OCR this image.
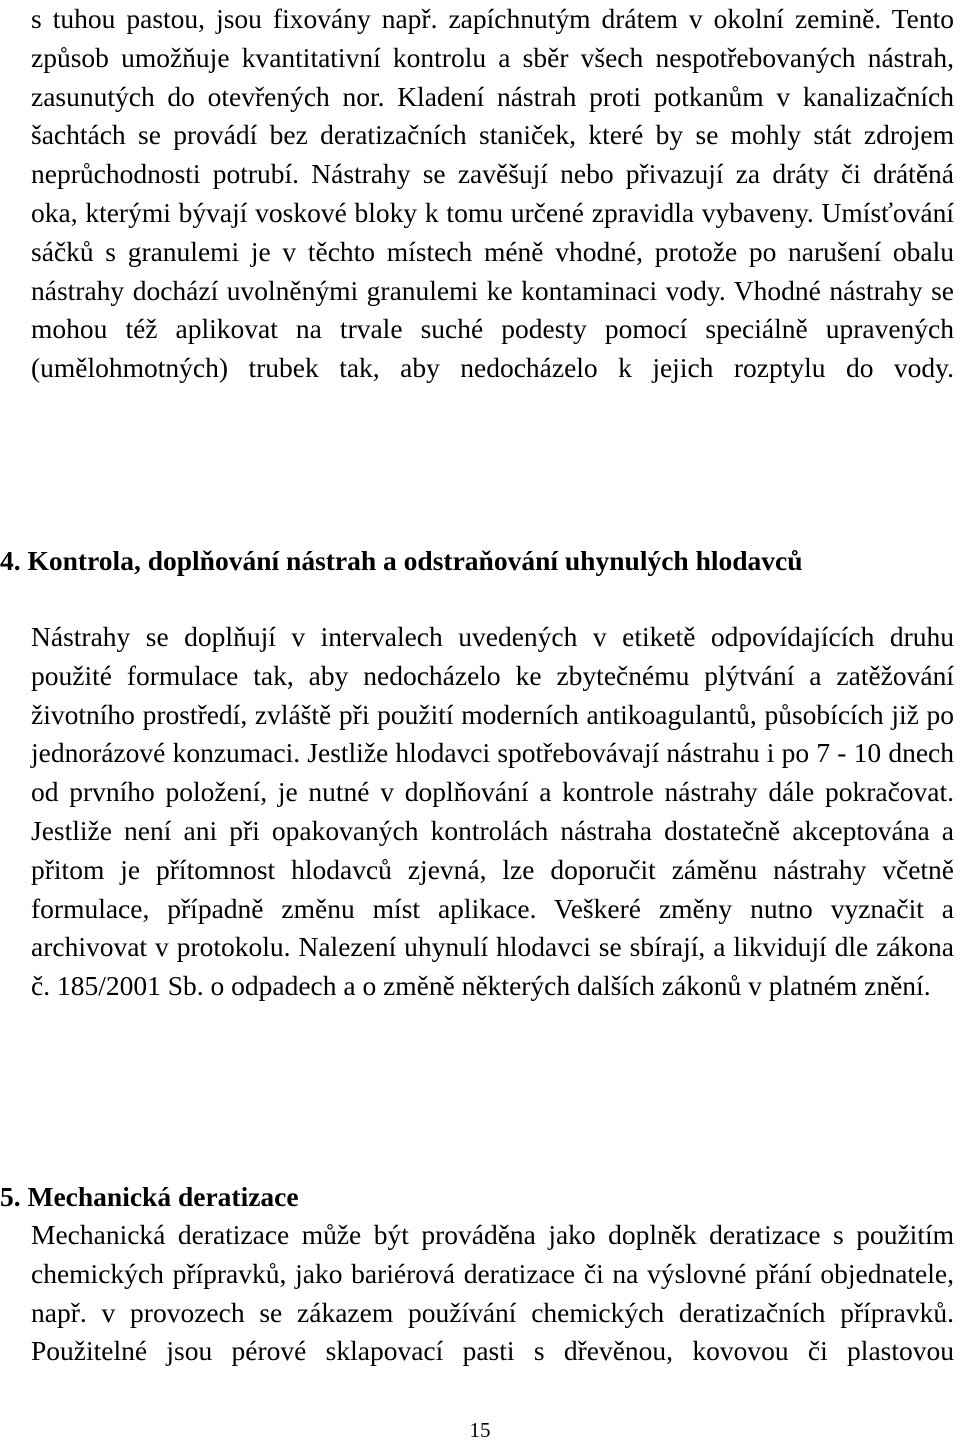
s tuhou pastou, jsou fixovány např. zapíchnutým drátem v okolní zemině. Tento způsob umožňuje kvantitativní kontrolu a sběr všech nespotřebovaných nástrah, zasunutých do otevřených nor. Kladení nástrah proti potkanům v kanalizačních šachtách se provádí bez deratizačních staniček, které by se mohly stát zdrojem neprůchodnosti potrubí. Nástrahy se zavěšují nebo přivazují za dráty či drátěná oka, kterými bývají voskové bloky k tomu určené zpravidla vybaveny. Umísťování sáčků s granulemi je v těchto místech méně vhodné, protože po narušení obalu nástrahy dochází uvolněnými granulemi ke kontaminaci vody. Vhodné nástrahy se mohou též aplikovat na trvale suché podesty pomocí speciálně upravených (umělohmotných) trubek tak, aby nedocházelo k jejich rozptylu do vody.
4. Kontrola, doplňování nástrah a odstraňování uhynulých hlodavců
Nástrahy se doplňují v intervalech uvedených v etiketě odpovídajících druhu použité formulace tak, aby nedocházelo ke zbytečnému plýtvání a zatěžování životního prostředí, zvláště při použití moderních antikoagulantů, působících již po jednorázové konzumaci. Jestliže hlodavci spotřebovávají nástrahu i po 7 - 10 dnech od prvního položení, je nutné v doplňování a kontrole nástrahy dále pokračovat. Jestliže není ani při opakovaných kontrolách nástraha dostatečně akceptována a přitom je přítomnost hlodavců zjevná, lze doporučit záměnu nástrahy včetně formulace, případně změnu míst aplikace. Veškeré změny nutno vyznačit a archivovat v protokolu. Nalezení uhynulí hlodavci se sbírají, a likvidují dle zákona č. 185/2001 Sb. o odpadech a o změně některých dalších zákonů v platném znění.
5. Mechanická deratizace
Mechanická deratizace může být prováděna jako doplněk deratizace s použitím chemických přípravků, jako bariérová deratizace či na výslovné přání objednatele, např. v provozech se zákazem používání chemických deratizačních přípravků. Použitelné jsou pérové sklapovací pasti s dřevěnou, kovovou či plastovou
15
